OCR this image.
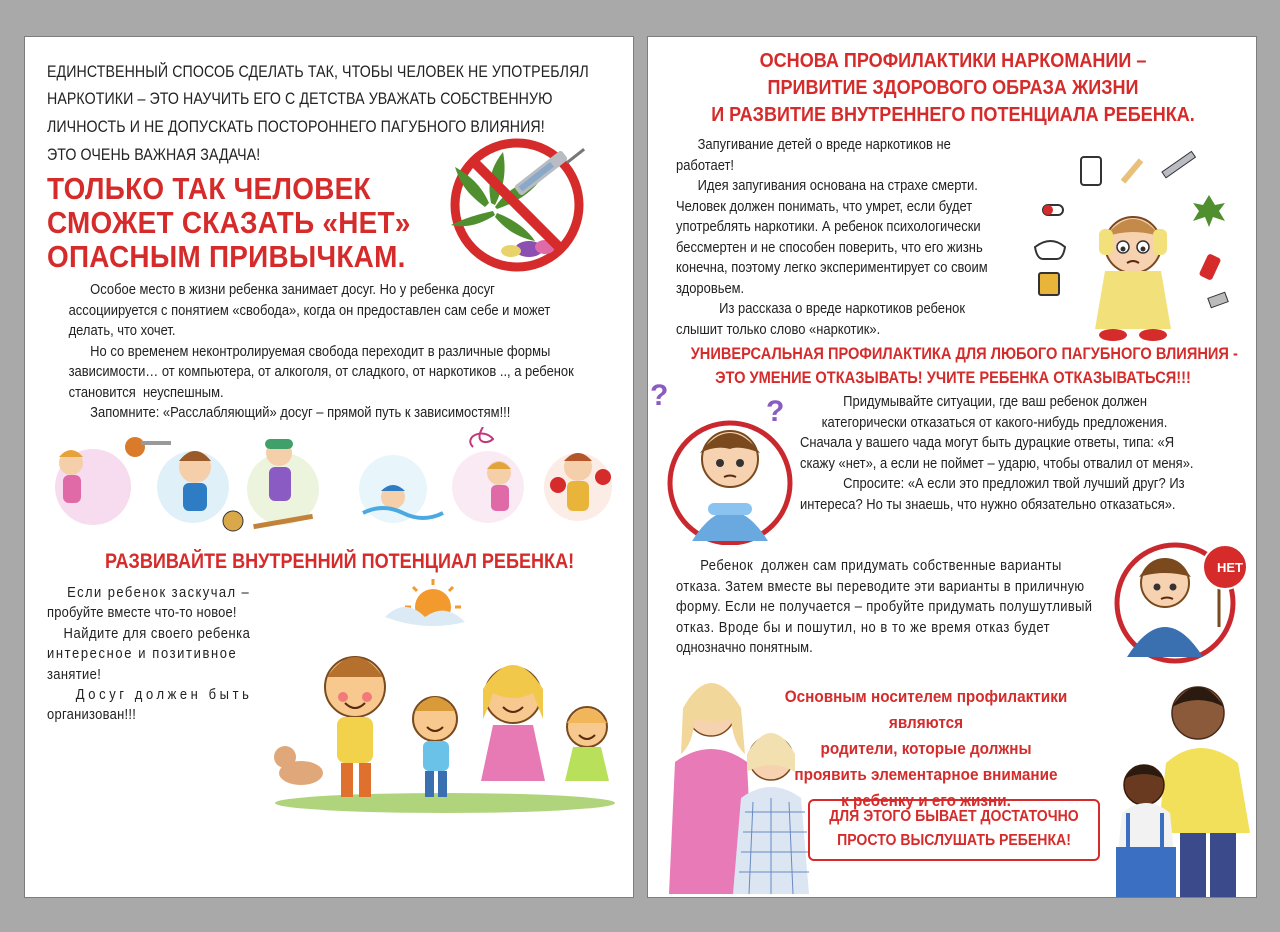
ЕДИНСТВЕННЫЙ СПОСОБ СДЕЛАТЬ ТАК, ЧТОБЫ ЧЕЛОВЕК НЕ УПОТРЕБЛЯЛ
НАРКОТИКИ – ЭТО НАУЧИТЬ ЕГО С ДЕТСТВА УВАЖАТЬ СОБСТВЕННУЮ
ЛИЧНОСТЬ И НЕ ДОПУСКАТЬ ПОСТОРОННЕГО ПАГУБНОГО ВЛИЯНИЯ!
ЭТО ОЧЕНЬ ВАЖНАЯ ЗАДАЧА!
ТОЛЬКО ТАК ЧЕЛОВЕК
СМОЖЕТ СКАЗАТЬ «НЕТ»
ОПАСНЫМ ПРИВЫЧКАМ.

Особое место в жизни ребенка занимает досуг. Но у ребенка досуг

ассоциируется с понятием «свобода», когда он предоставлен сам себе и может

делать, что хочет.

Но со временем неконтролируемая свобода переходит в различные формы

зависимости… от компьютера, от алкоголя, от сладкого, от наркотиков .., а ребенок

становится  неуспешным.

Запомните: «Расслабляющий» досуг – прямой путь к зависимостям!!!

РАЗВИВАЙТЕ ВНУТРЕННИЙ ПОТЕНЦИАЛ РЕБЕНКА!

Если ребенок заскучал –

пробуйте вместе что-то новое!

Найдите для своего ребенка

интересное и позитивное

занятие!

Досуг должен быть

организован!!!

ОСНОВА ПРОФИЛАКТИКИ НАРКОМАНИИ –
ПРИВИТИЕ ЗДОРОВОГО ОБРАЗА ЖИЗНИ
И РАЗВИТИЕ ВНУТРЕННЕГО ПОТЕНЦИАЛА РЕБЕНКА.

Запугивание детей о вреде наркотиков не

работает!

Идея запугивания основана на страхе смерти.

Человек должен понимать, что умрет, если будет

употреблять наркотики. А ребенок психологически

бессмертен и не способен поверить, что его жизнь

конечна, поэтому легко экспериментирует со своим

здоровьем.

Из рассказа о вреде наркотиков ребенок

слышит только слово «наркотик».

УНИВЕРСАЛЬНАЯ ПРОФИЛАКТИКА ДЛЯ ЛЮБОГО ПАГУБНОГО ВЛИЯНИЯ -
ЭТО УМЕНИЕ ОТКАЗЫВАТЬ! УЧИТЕ РЕБЕНКА ОТКАЗЫВАТЬСЯ!!!
?	? Придумывайте ситуации, где ваш ребенок должен

категорически отказаться от какого-нибудь предложения.

Сначала у вашего чада могут быть дурацкие ответы, типа: «Я

скажу «нет», а если не поймет – ударю, чтобы отвалил от меня».

Спросите: «А если это предложил твой лучший друг? Из

интереса? Но ты знаешь, что нужно обязательно отказаться».

Ребенок  должен сам придумать собственные варианты

отказа. Затем вместе вы переводите эти варианты в приличную

форму. Если не получается – пробуйте придумать полушутливый

отказ. Вроде бы и пошутил, но в то же время отказ будет

однозначно понятным.

НЕТ
Основным носителем профилактики являются
родители, которые должны
проявить элементарное внимание
к ребенку и его жизни.
ДЛЯ ЭТОГО БЫВАЕТ ДОСТАТОЧНО
ПРОСТО ВЫСЛУШАТЬ РЕБЕНКА!
